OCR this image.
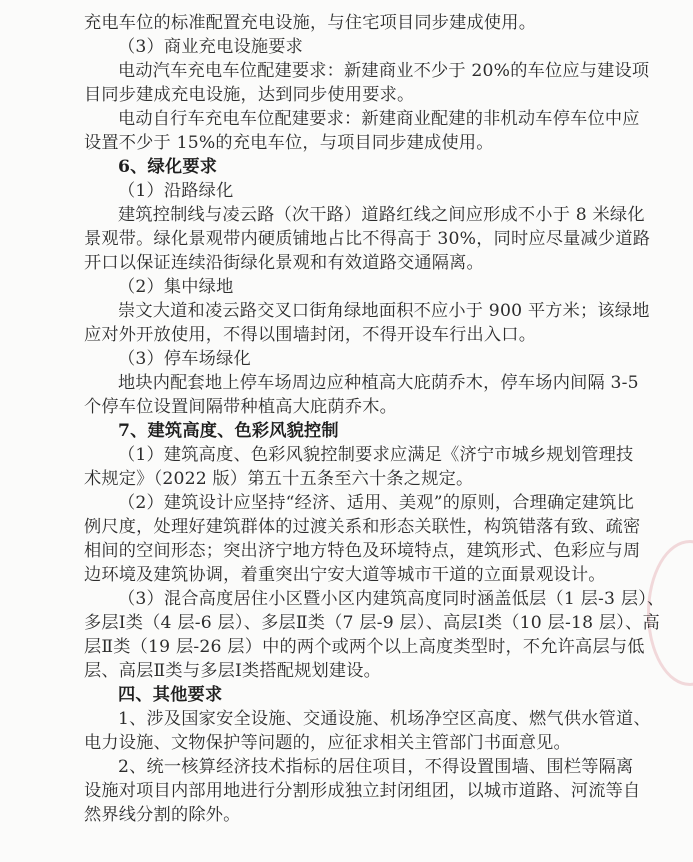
充电车位的标准配置充电设施，与住宅项目同步建成使用。
（3）商业充电设施要求
电动汽车充电车位配建要求：新建商业不少于 20%的车位应与建设项
目同步建成充电设施，达到同步使用要求。
电动自行车充电车位配建要求：新建商业配建的非机动车停车位中应
设置不少于 15%的充电车位，与项目同步建成使用。
6、绿化要求
（1）沿路绿化
建筑控制线与凌云路（次干路）道路红线之间应形成不小于 8 米绿化
景观带。绿化景观带内硬质铺地占比不得高于 30%，同时应尽量减少道路
开口以保证连续沿街绿化景观和有效道路交通隔离。
（2）集中绿地
崇文大道和凌云路交叉口街角绿地面积不应小于 900 平方米；该绿地
应对外开放使用，不得以围墙封闭，不得开设车行出入口。
（3）停车场绿化
地块内配套地上停车场周边应种植高大庇荫乔木，停车场内间隔 3-5
个停车位设置间隔带种植高大庇荫乔木。
7、建筑高度、色彩风貌控制
（1）建筑高度、色彩风貌控制要求应满足《济宁市城乡规划管理技
术规定》（2022 版）第五十五条至六十条之规定。
（2）建筑设计应坚持“经济、适用、美观”的原则，合理确定建筑比
例尺度，处理好建筑群体的过渡关系和形态关联性，构筑错落有致、疏密
相间的空间形态；突出济宁地方特色及环境特点，建筑形式、色彩应与周
边环境及建筑协调，着重突出宁安大道等城市干道的立面景观设计。
（3）混合高度居住小区暨小区内建筑高度同时涵盖低层（1 层-3 层）、
多层Ⅰ类（4 层-6 层）、多层Ⅱ类（7 层-9 层）、高层Ⅰ类（10 层-18 层）、高
层Ⅱ类（19 层-26 层）中的两个或两个以上高度类型时，不允许高层与低
层、高层Ⅱ类与多层Ⅰ类搭配规划建设。
四、其他要求
1、涉及国家安全设施、交通设施、机场净空区高度、燃气供水管道、
电力设施、文物保护等问题的，应征求相关主管部门书面意见。
2、统一核算经济技术指标的居住项目，不得设置围墙、围栏等隔离
设施对项目内部用地进行分割形成独立封闭组团，以城市道路、河流等自
然界线分割的除外。
